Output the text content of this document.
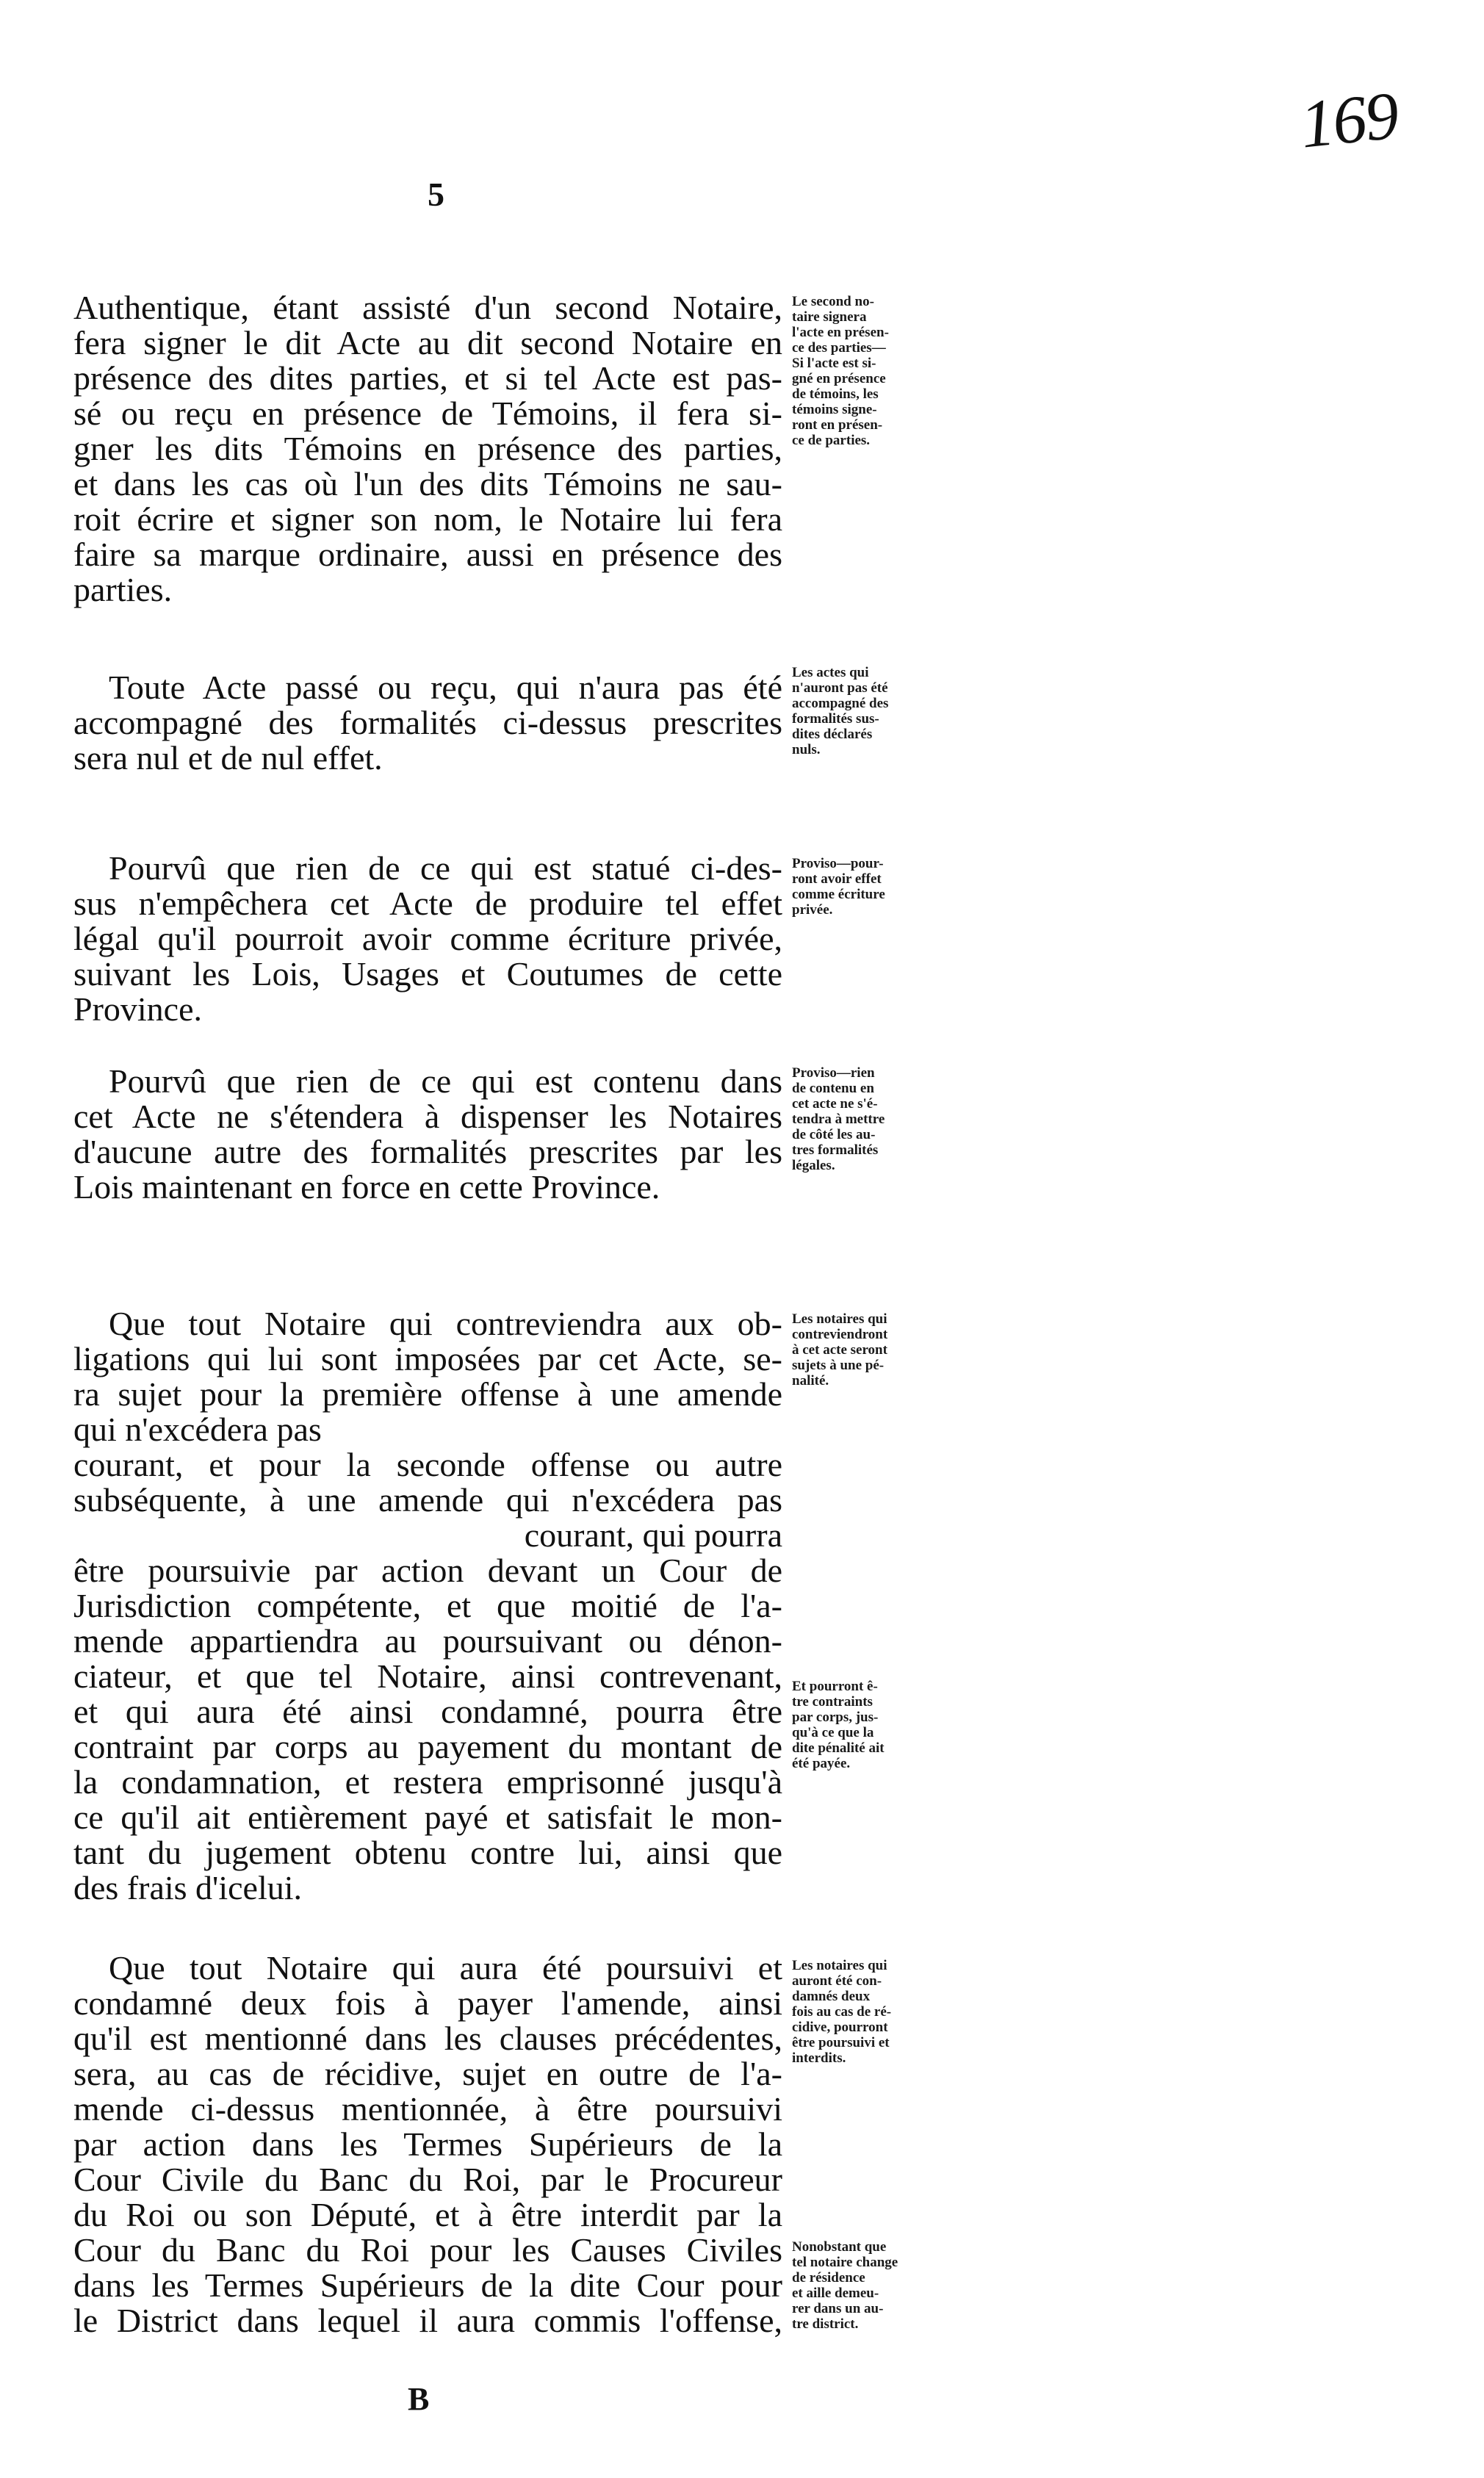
169
5
Authentique, étant assisté d'un second Notaire,
fera signer le dit Acte au dit second Notaire en
présence des dites parties, et si tel Acte est pas-
sé ou reçu en présence de Témoins, il fera si-
gner les dits Témoins en présence des parties,
et dans les cas où l'un des dits Témoins ne sau-
roit écrire et signer son nom, le Notaire lui fera
faire sa marque ordinaire, aussi en présence des
parties.
Le second no-
taire signera
l'acte en présen-
ce des parties—
Si l'acte est si-
gné en présence
de témoins, les
témoins signe-
ront en présen-
ce de parties.
Toute Acte passé ou reçu, qui n'aura pas été
accompagné des formalités ci-dessus prescrites
sera nul et de nul effet.
Les actes qui
n'auront pas été
accompagné des
formalités sus-
dites déclarés
nuls.
Pourvû que rien de ce qui est statué ci-des-
sus n'empêchera cet Acte de produire tel effet
légal qu'il pourroit avoir comme écriture privée,
suivant les Lois, Usages et Coutumes de cette
Province.
Proviso—pour-
ront avoir effet
comme écriture
privée.
Pourvû que rien de ce qui est contenu dans
cet Acte ne s'étendera à dispenser les Notaires
d'aucune autre des formalités prescrites par les
Lois maintenant en force en cette Province.
Proviso—rien
de contenu en
cet acte ne s'é-
tendra à mettre
de côté les au-
tres formalités
légales.
Que tout Notaire qui contreviendra aux ob-
ligations qui lui sont imposées par cet Acte, se-
ra sujet pour la première offense à une amende
qui n'excédera pas
courant, et pour la seconde offense ou autre
subséquente, à une amende qui n'excédera pas
courant, qui pourra
être poursuivie par action devant un Cour de
Jurisdiction compétente, et que moitié de l'a-
mende appartiendra au poursuivant ou dénon-
ciateur, et que tel Notaire, ainsi contrevenant,
et qui aura été ainsi condamné, pourra être
contraint par corps au payement du montant de
la condamnation, et restera emprisonné jusqu'à
ce qu'il ait entièrement payé et satisfait le mon-
tant du jugement obtenu contre lui, ainsi que
des frais d'icelui.
Les notaires qui
contreviendront
à cet acte seront
sujets à une pé-
nalité.
Et pourront ê-
tre contraints
par corps, jus-
qu'à ce que la
dite pénalité ait
été payée.
Que tout Notaire qui aura été poursuivi et
condamné deux fois à payer l'amende, ainsi
qu'il est mentionné dans les clauses précédentes,
sera, au cas de récidive, sujet en outre de l'a-
mende ci-dessus mentionnée, à être poursuivi
par action dans les Termes Supérieurs de la
Cour Civile du Banc du Roi, par le Procureur
du Roi ou son Député, et à être interdit par la
Cour du Banc du Roi pour les Causes Civiles
dans les Termes Supérieurs de la dite Cour pour
le District dans lequel il aura commis l'offense,
Les notaires qui
auront été con-
damnés deux
fois au cas de ré-
cidive, pourront
être poursuivi et
interdits.
Nonobstant que
tel notaire change
de résidence
et aille demeu-
rer dans un au-
tre district.
B
